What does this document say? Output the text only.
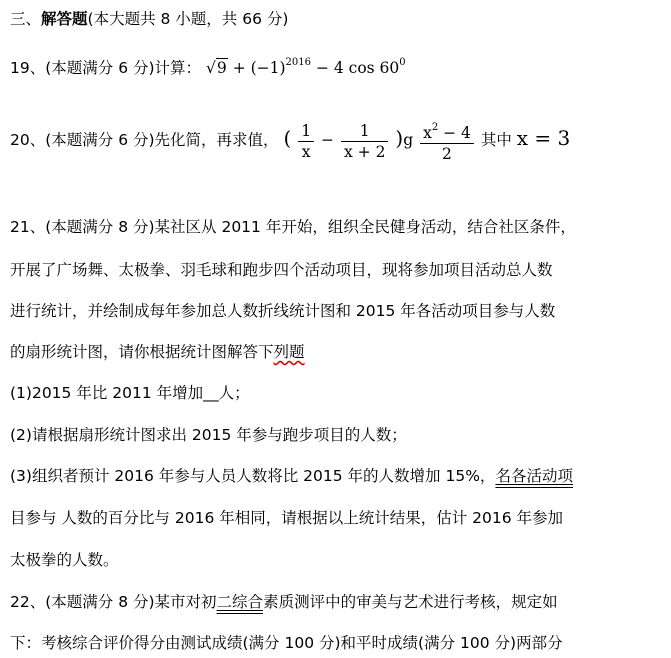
三、解答题(本大题共 8 小题，共 66 分)
19、(本题满分 6 分)计算： $√9 + (-1)^{2016} - 4$ $\cos 60^0$
20、(本题满分 6 分)先化简，再求值， ( $\frac{1}{x} - \frac{1}{x + 2} )g \frac{x^2 - 4}{2}$ 其中 x = 3
21、(本题满分 8 分)某社区从 2011 年开始，组织全民健身活动，结合社区条件，
开展了广场舞、太极拳、羽毛球和跑步四个活动项目，现将参加项目活动总人数
进行统计，并绘制成每年参加总人数折线统计图和 2015 年各活动项目参与人数
的扇形统计图，请你根据统计图解答下列题
(1)2015 年比 2011 年增加__人；
(2)请根据扇形统计图求出 2015 年参与跑步项目的人数；
(3)组织者预计 2016 年参与人员人数将比 2015 年的人数增加 15%，名各活动项
目参与 人数的百分比与 2016 年相同，请根据以上统计结果，估计 2016 年参加
太极拳的人数。
22、(本题满分 8 分)某市对初二综合素质测评中的审美与艺术进行考核，规定如
下：考核综合评价得分由测试成绩(满分 100 分)和平时成绩(满分 100 分)两部分
